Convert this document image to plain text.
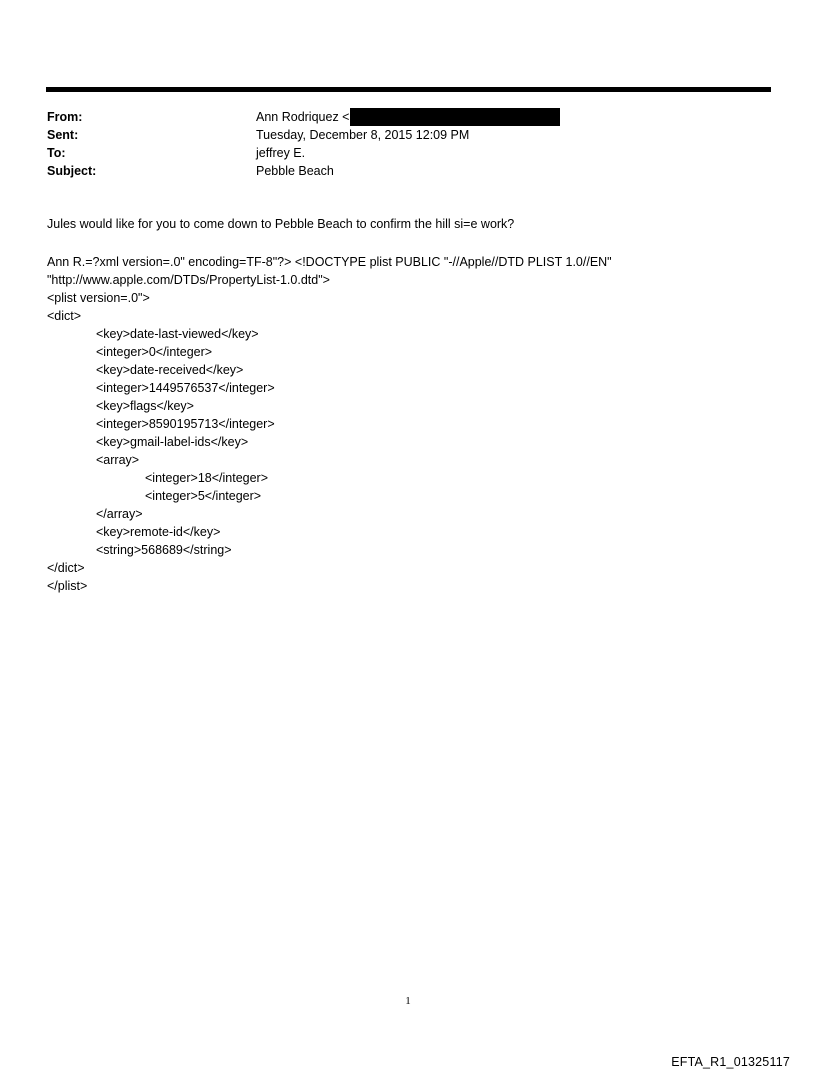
From:	Ann Rodriquez <
Sent:	Tuesday, December 8, 2015 12:09 PM
To:	jeffrey E.
Subject:	Pebble Beach
Jules would like for you to come down to Pebble Beach to confirm the hill si=e work?
Ann R.=?xml version=.0" encoding=TF-8"?> <!DOCTYPE plist PUBLIC "-//Apple//DTD PLIST 1.0//EN"
"http://www.apple.com/DTDs/PropertyList-1.0.dtd">
<plist version=.0">
<dict>
<key>date-last-viewed</key>
<integer>0</integer>
<key>date-received</key>
<integer>1449576537</integer>
<key>flags</key>
<integer>8590195713</integer>
<key>gmail-label-ids</key>
<array>
<integer>18</integer>
<integer>5</integer>
</array>
<key>remote-id</key>
<string>568689</string>
</dict>
</plist>
1
EFTA_R1_01325117
